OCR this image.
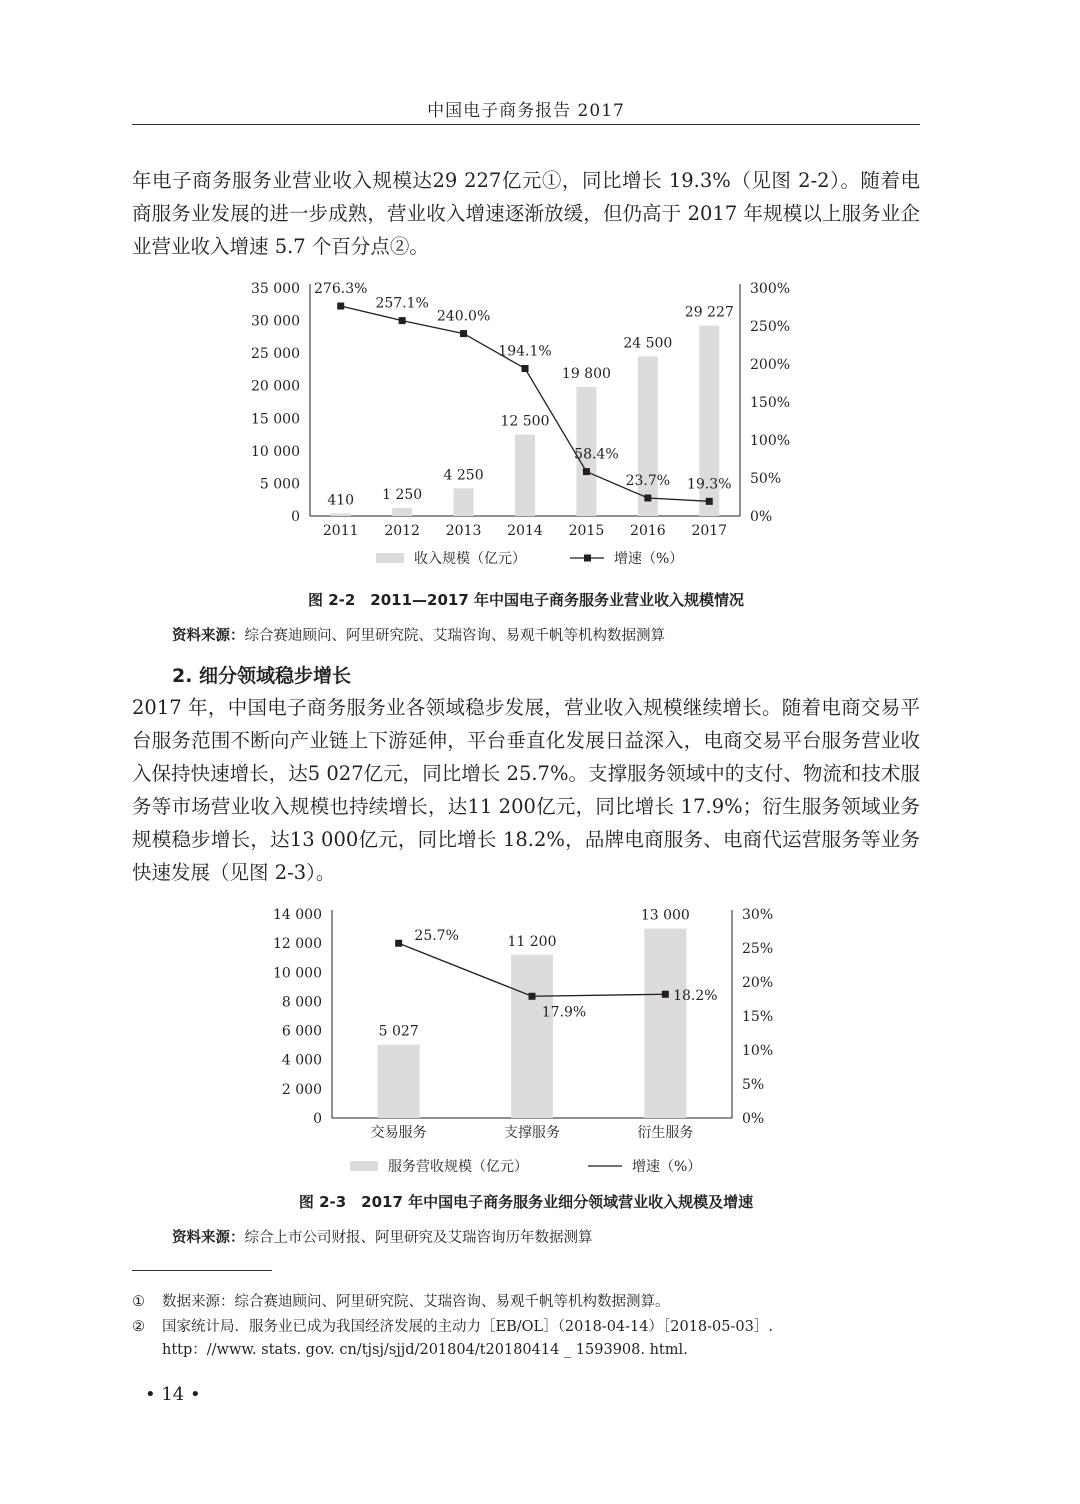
中国电子商务报告 2017
年电子商务服务业营业收入规模达29 227亿元①，同比增长 19.3%（见图 2-2）。随着电商服务业发展的进一步成熟，营业收入增速逐渐放缓，但仍高于 2017 年规模以上服务业企业营业收入增速 5.7 个百分点②。
0
5 000
10 000
15 000
20 000
25 000
30 000
35 000
0%
50%
100%
150%
200%
250%
300%
410
2011
1 250
2012
4 250
2013
12 500
2014
19 800
2015
24 500
2016
29 227
2017
276.3%
257.1%
240.0%
194.1%
58.4%
23.7% 19.3%
收入规模（亿元）	增速（%）
图 2-2　2011—2017 年中国电子商务服务业营业收入规模情况
资料来源：综合赛迪顾问、阿里研究院、艾瑞咨询、易观千帆等机构数据测算
2. 细分领域稳步增长
2017 年，中国电子商务服务业各领域稳步发展，营业收入规模继续增长。随着电商交易平台服务范围不断向产业链上下游延伸，平台垂直化发展日益深入，电商交易平台服务营业收入保持快速增长，达5 027亿元，同比增长 25.7%。支撑服务领域中的支付、物流和技术服务等市场营业收入规模也持续增长，达11 200亿元，同比增长 17.9%；衍生服务领域业务规模稳步增长，达13 000亿元，同比增长 18.2%，品牌电商服务、电商代运营服务等业务快速发展（见图 2-3）。
0
2 000
4 000
6 000
8 000
10 000
12 000
14 000
0%
5%
10%
15%
20%
25%
30%
5 027
交易服务
11 200
支撑服务
13 000
衍生服务
25.7%
17.9%
18.2%
服务营收规模（亿元）	增速（%）
图 2-3　2017 年中国电子商务服务业细分领域营业收入规模及增速
资料来源：综合上市公司财报、阿里研究及艾瑞咨询历年数据测算
① 数据来源：综合赛迪顾问、阿里研究院、艾瑞咨询、易观千帆等机构数据测算。
② 国家统计局．服务业已成为我国经济发展的主动力［EB/OL］（2018-04-14）［2018-05-03］.
http：//www. stats. gov. cn/tjsj/sjjd/201804/t20180414 _ 1593908. html.
• 14 •
